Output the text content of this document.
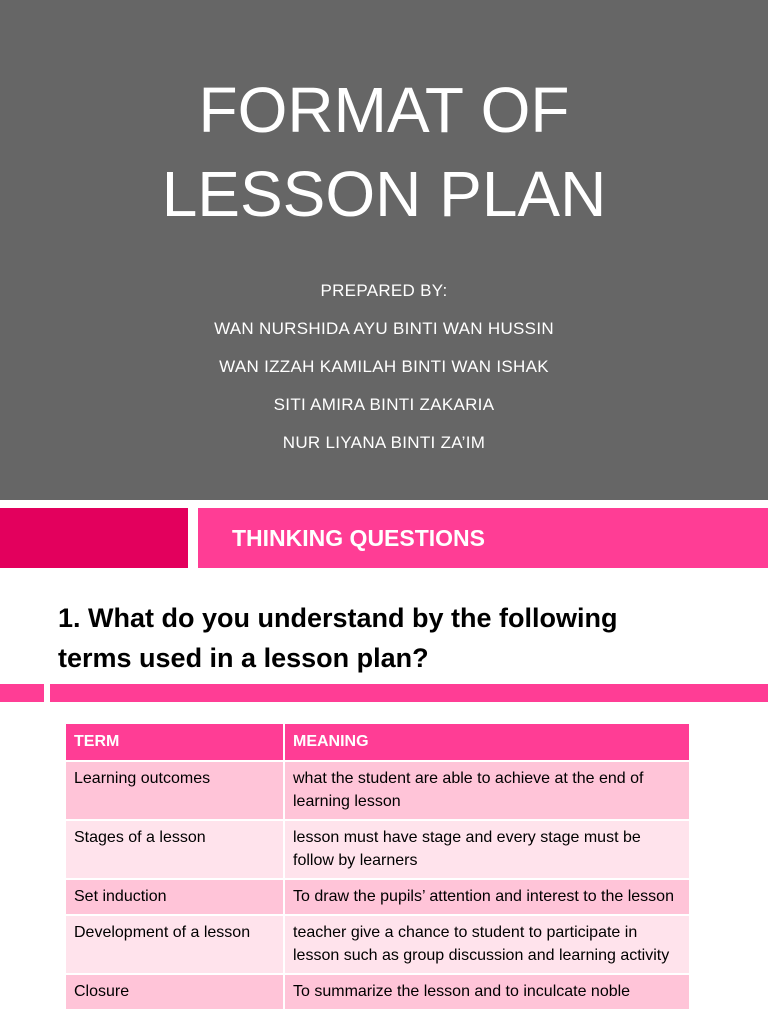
FORMAT OF
LESSON PLAN
PREPARED BY:
WAN NURSHIDA AYU BINTI WAN HUSSIN
WAN IZZAH KAMILAH BINTI WAN ISHAK
SITI AMIRA BINTI ZAKARIA
NUR LIYANA BINTI ZA’IM
THINKING QUESTIONS
1. What do you understand by the following
terms used in a lesson plan?
TERM	MEANING
Learning outcomes	what the student are able to achieve at the end of learning lesson
Stages of a lesson	lesson must have stage and every stage must be follow by learners
Set induction	To draw the pupils’ attention and interest to the lesson
Development of a lesson	teacher give a chance to student to participate in lesson such as group discussion and learning activity
Closure	To summarize the lesson and to inculcate noble
